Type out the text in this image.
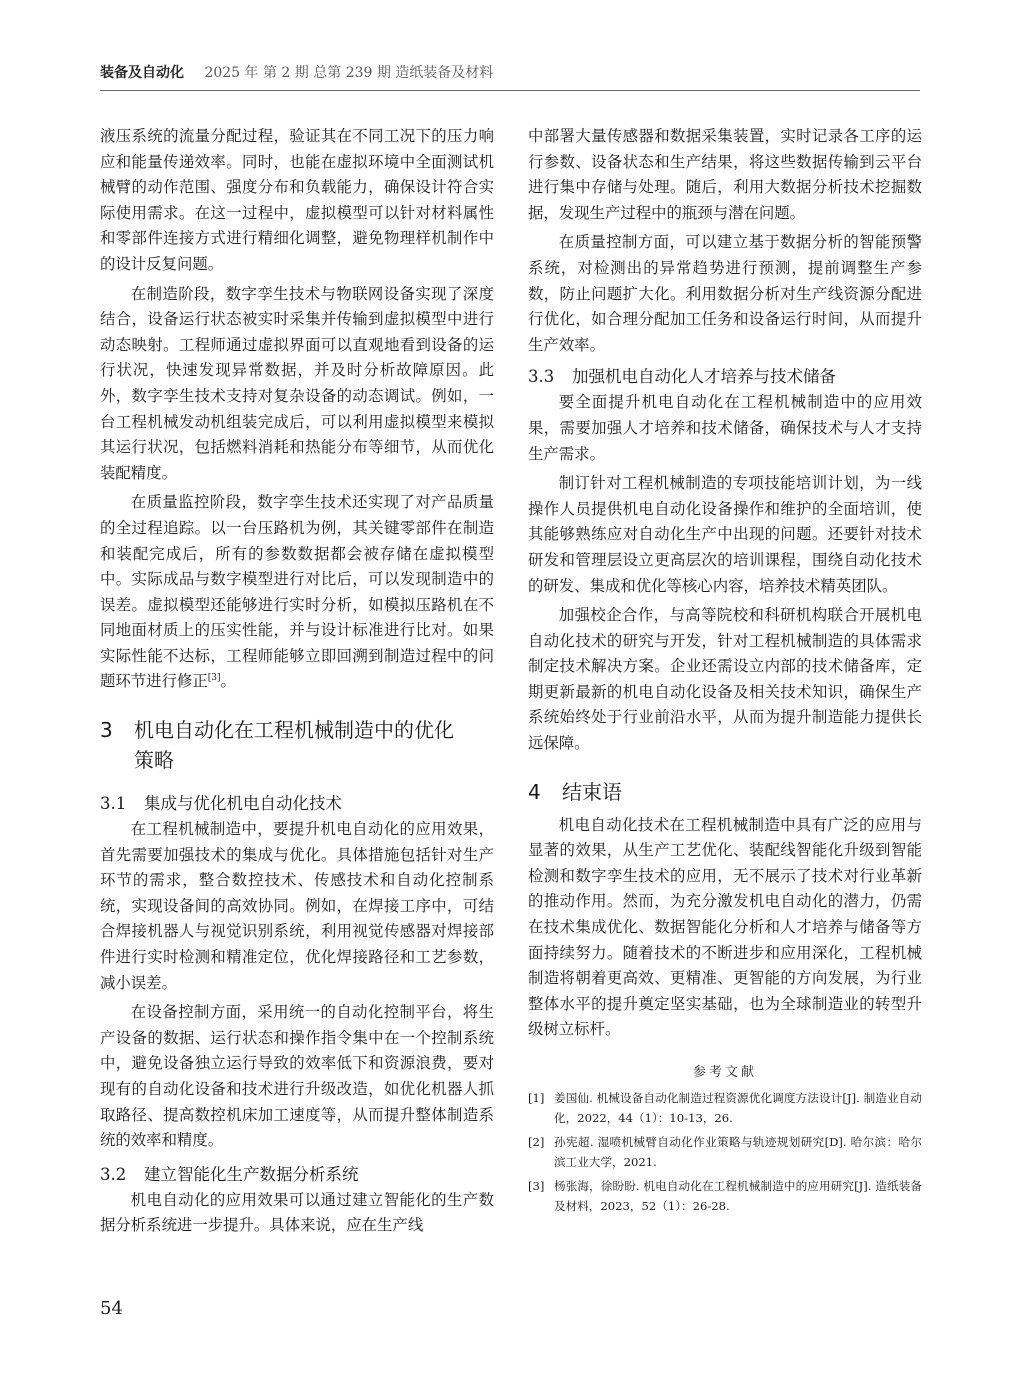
装备及自动化 2025 年 第 2 期 总第 239 期 造纸装备及材料

液压系统的流量分配过程，验证其在不同工况下的压力响应和能量传递效率。同时，也能在虚拟环境中全面测试机械臂的动作范围、强度分布和负载能力，确保设计符合实际使用需求。在这一过程中，虚拟模型可以针对材料属性和零部件连接方式进行精细化调整，避免物理样机制作中的设计反复问题。

在制造阶段，数字孪生技术与物联网设备实现了深度结合，设备运行状态被实时采集并传输到虚拟模型中进行动态映射。工程师通过虚拟界面可以直观地看到设备的运行状况，快速发现异常数据，并及时分析故障原因。此外，数字孪生技术支持对复杂设备的动态调试。例如，一台工程机械发动机组装完成后，可以利用虚拟模型来模拟其运行状况，包括燃料消耗和热能分布等细节，从而优化装配精度。

在质量监控阶段，数字孪生技术还实现了对产品质量的全过程追踪。以一台压路机为例，其关键零部件在制造和装配完成后，所有的参数数据都会被存储在虚拟模型中。实际成品与数字模型进行对比后，可以发现制造中的误差。虚拟模型还能够进行实时分析，如模拟压路机在不同地面材质上的压实性能，并与设计标准进行比对。如果实际性能不达标，工程师能够立即回溯到制造过程中的问题环节进行修正[3]。

3 机电自动化在工程机械制造中的优化
策略
3.1 集成与优化机电自动化技术

在工程机械制造中，要提升机电自动化的应用效果，首先需要加强技术的集成与优化。具体措施包括针对生产环节的需求，整合数控技术、传感技术和自动化控制系统，实现设备间的高效协同。例如，在焊接工序中，可结合焊接机器人与视觉识别系统，利用视觉传感器对焊接部件进行实时检测和精准定位，优化焊接路径和工艺参数，减小误差。

在设备控制方面，采用统一的自动化控制平台，将生产设备的数据、运行状态和操作指令集中在一个控制系统中，避免设备独立运行导致的效率低下和资源浪费，要对现有的自动化设备和技术进行升级改造，如优化机器人抓取路径、提高数控机床加工速度等，从而提升整体制造系统的效率和精度。

3.2 建立智能化生产数据分析系统

机电自动化的应用效果可以通过建立智能化的生产数据分析系统进一步提升。具体来说，应在生产线

中部署大量传感器和数据采集装置，实时记录各工序的运行参数、设备状态和生产结果，将这些数据传输到云平台进行集中存储与处理。随后，利用大数据分析技术挖掘数据，发现生产过程中的瓶颈与潜在问题。

在质量控制方面，可以建立基于数据分析的智能预警系统，对检测出的异常趋势进行预测，提前调整生产参数，防止问题扩大化。利用数据分析对生产线资源分配进行优化，如合理分配加工任务和设备运行时间，从而提升生产效率。

3.3 加强机电自动化人才培养与技术储备

要全面提升机电自动化在工程机械制造中的应用效果，需要加强人才培养和技术储备，确保技术与人才支持生产需求。

制订针对工程机械制造的专项技能培训计划，为一线操作人员提供机电自动化设备操作和维护的全面培训，使其能够熟练应对自动化生产中出现的问题。还要针对技术研发和管理层设立更高层次的培训课程，围绕自动化技术的研发、集成和优化等核心内容，培养技术精英团队。

加强校企合作，与高等院校和科研机构联合开展机电自动化技术的研究与开发，针对工程机械制造的具体需求制定技术解决方案。企业还需设立内部的技术储备库，定期更新最新的机电自动化设备及相关技术知识，确保生产系统始终处于行业前沿水平，从而为提升制造能力提供长远保障。

4 结束语

机电自动化技术在工程机械制造中具有广泛的应用与显著的效果，从生产工艺优化、装配线智能化升级到智能检测和数字孪生技术的应用，无不展示了技术对行业革新的推动作用。然而，为充分激发机电自动化的潜力，仍需在技术集成优化、数据智能化分析和人才培养与储备等方面持续努力。随着技术的不断进步和应用深化，工程机械制造将朝着更高效、更精准、更智能的方向发展，为行业整体水平的提升奠定坚实基础，也为全球制造业的转型升级树立标杆。

参考文献
[1] 姜国仙. 机械设备自动化制造过程资源优化调度方法设计[J]. 制造业自动化，2022，44（1）：10-13，26.
[2] 孙宪超. 湿喷机械臂自动化作业策略与轨迹规划研究[D]. 哈尔滨：哈尔滨工业大学，2021.
[3] 杨张海，徐盼盼. 机电自动化在工程机械制造中的应用研究[J]. 造纸装备及材料，2023，52（1）：26-28.
54
